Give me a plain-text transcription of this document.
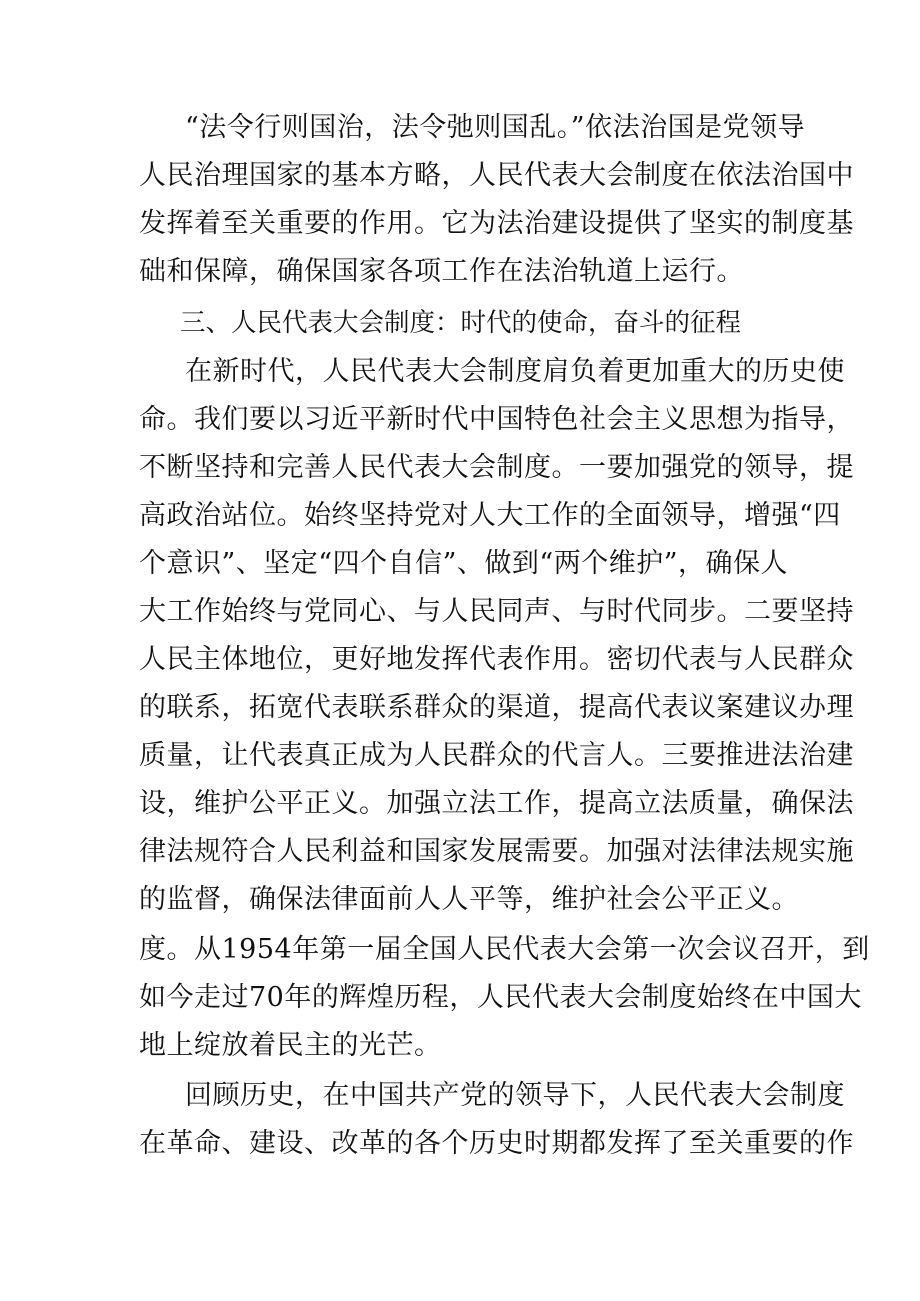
“法令行则国治，法令弛则国乱。”依法治国是党领导
人民治理国家的基本方略，人民代表大会制度在依法治国中
发挥着至关重要的作用。它为法治建设提供了坚实的制度基
础和保障，确保国家各项工作在法治轨道上运行。
三、人民代表大会制度：时代的使命，奋斗的征程
在新时代，人民代表大会制度肩负着更加重大的历史使
命。我们要以习近平新时代中国特色社会主义思想为指导，
不断坚持和完善人民代表大会制度。一要加强党的领导，提
高政治站位。始终坚持党对人大工作的全面领导，增强“四
个意识”、坚定“四个自信”、做到“两个维护”，确保人
大工作始终与党同心、与人民同声、与时代同步。二要坚持
人民主体地位，更好地发挥代表作用。密切代表与人民群众
的联系，拓宽代表联系群众的渠道，提高代表议案建议办理
质量，让代表真正成为人民群众的代言人。三要推进法治建
设，维护公平正义。加强立法工作，提高立法质量，确保法
律法规符合人民利益和国家发展需要。加强对法律法规实施
的监督，确保法律面前人人平等，维护社会公平正义。
度。从1954年第一届全国人民代表大会第一次会议召开，到
如今走过70年的辉煌历程，人民代表大会制度始终在中国大
地上绽放着民主的光芒。
回顾历史，在中国共产党的领导下，人民代表大会制度
在革命、建设、改革的各个历史时期都发挥了至关重要的作
